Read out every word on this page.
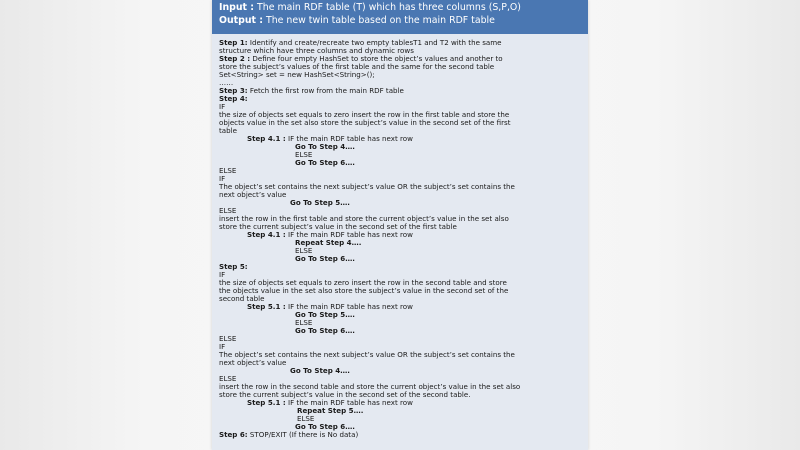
Input : The main RDF table (T) which has three columns (S,P,O)
Output : The new twin table based on the main RDF table
Step 1: Identify and create/recreate two empty tablesT1 and T2 with the same
structure which have three columns and dynamic rows
Step 2 : Define four empty HashSet to store the object’s values and another to
store the subject’s values of the first table and the same for the second table
Set<String> set = new HashSet<String>();
……
Step 3: Fetch the first row from the main RDF table
Step 4:
IF
the size of objects set equals to zero insert the row in the first table and store the
objects value in the set also store the subject’s value in the second set of the first
table
Step 4.1 : IF the main RDF table has next row
Go To Step 4….
ELSE
Go To Step 6….
ELSE
IF
The object’s set contains the next subject’s value OR the subject’s set contains the
next object’s value
Go To Step 5….
ELSE
insert the row in the first table and store the current object’s value in the set also
store the current subject’s value in the second set of the first table
Step 4.1 : IF the main RDF table has next row
Repeat Step 4….
ELSE
Go To Step 6….
Step 5:
IF
the size of objects set equals to zero insert the row in the second table and store
the objects value in the set also store the subject’s value in the second set of the
second table
Step 5.1 : IF the main RDF table has next row
Go To Step 5….
ELSE
Go To Step 6….
ELSE
IF
The object’s set contains the next subject’s value OR the subject’s set contains the
next object’s value
Go To Step 4….
ELSE
insert the row in the second table and store the current object’s value in the set also
store the current subject’s value in the second set of the second table.
Step 5.1 : IF the main RDF table has next row
Repeat Step 5….
ELSE
Go To Step 6….
Step 6: STOP/EXIT (If there is No data)
